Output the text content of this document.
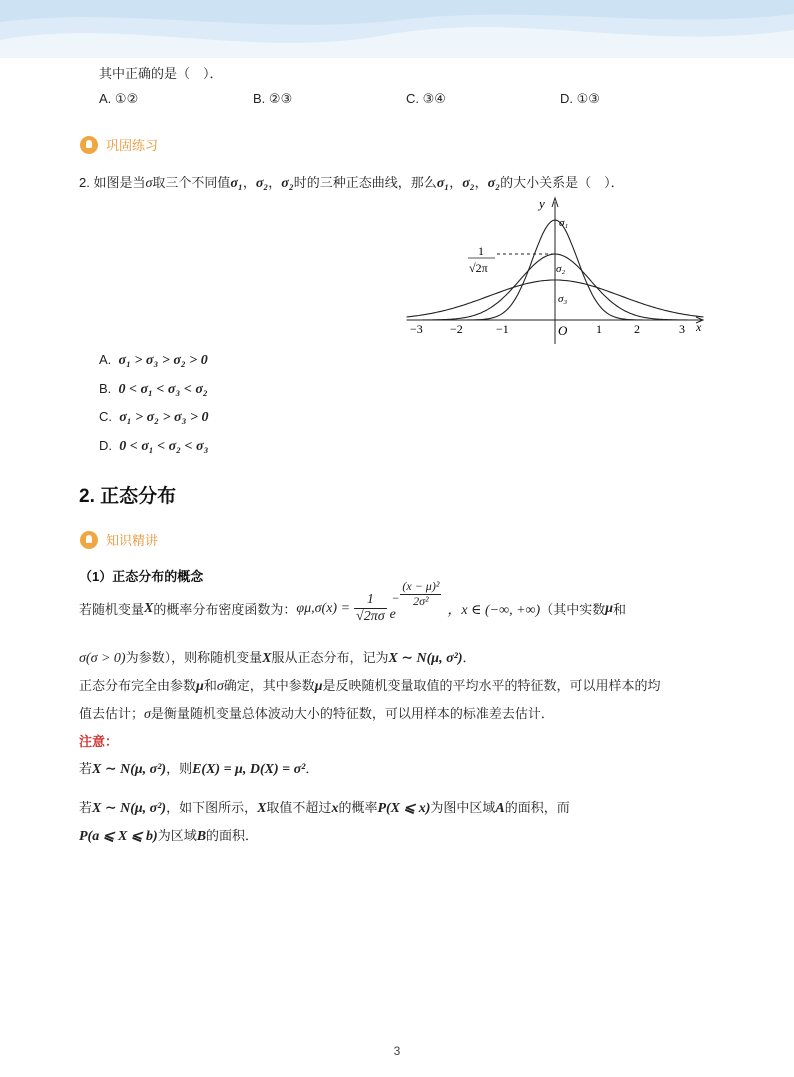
其中正确的是（　）．
A. ①②	B. ②③	C. ③④	D. ①③
巩固练习
2. 如图是当σ取三个不同值σ₁，σ₂，σ₂时的三种正态曲线，那么σ₁，σ₂，σ₂的大小关系是（　）．
y
x
O
−3 −2	−1	1	2	3
1
√2π
σ₁
σ₂
σ₃
A. σ₁ > σ₃ > σ₂ > 0
B. 0 < σ₁ < σ₃ < σ₂
C. σ₁ > σ₂ > σ₃ > 0
D. 0 < σ₁ < σ₂ < σ₃
2. 正态分布
知识精讲
（1）正态分布的概念
若随机变量 X 的概率分布密度函数为： $\varphi\mu,\sigma(x) = \frac{1}{√2\pi\sigma}$ e
−
(x − μ)²
2σ²
，x ∈ (−∞, +∞) （其中实数 μ 和
σ(σ > 0)为参数），则称随机变量X服从正态分布，记为X ∼ N(μ, σ²)．
正态分布完全由参数μ和σ确定，其中参数μ是反映随机变量取值的平均水平的特征数，可以用样本的均
值去估计；σ是衡量随机变量总体波动大小的特征数，可以用样本的标准差去估计．
注意：
若X ∼ N(μ, σ²)，则E(X) = μ, D(X) = σ²．
若X ∼ N(μ, σ²)，如下图所示，X取值不超过x的概率P(X ⩽ x)为图中区域A的面积，而
P(a ⩽ X ⩽ b)为区域B的面积．
3
